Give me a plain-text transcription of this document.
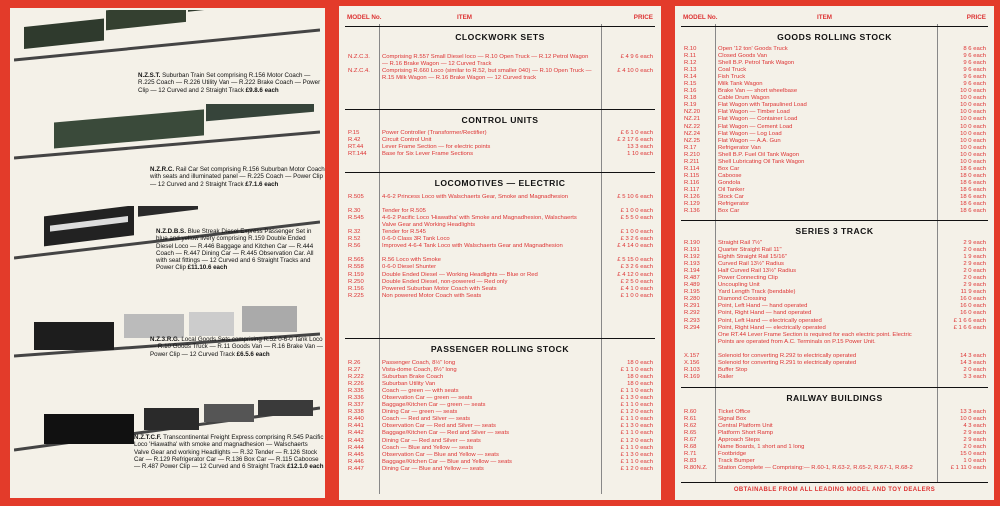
N.Z.S.T. Suburban Train Set comprising R.156 Motor Coach — R.225 Coach — R.226 Utility Van — R.222 Brake Coach — Power Clip — 12 Curved and 2 Straight Track £9.8.6 each
N.Z.R.C. Rail Car Set comprising R.156 Suburban Motor Coach with seats and illuminated panel — R.225 Coach — Power Clip — 12 Curved and 2 Straight Track £7.1.6 each
N.Z.D.B.S. Blue Streak Diesel Express Passenger Set in blue and yellow livery comprising R.159 Double Ended Diesel Loco — R.446 Baggage and Kitchen Car — R.444 Coach — R.447 Dining Car — R.445 Observation Car. All with seat fittings — 12 Curved and 6 Straight Tracks and Power Clip £11.10.6 each
N.Z.3.R.G. Local Goods Sets comprising R.52 0-6-0 Tank Loco — R.10 Goods Truck — R.11 Goods Van — R.16 Brake Van — Power Clip — 12 Curved Track £6.5.6 each
N.Z.T.C.F. Transcontinental Freight Express comprising R.545 Pacific Loco 'Hiawatha' with smoke and magnadhesion — Walschaerts Valve Gear and working Headlights — R.32 Tender — R.126 Stock Car — R.129 Refrigerator Car — R.136 Box Car — R.115 Caboose — R.487 Power Clip — 12 Curved and 6 Straight Track £12.1.0 each
MODEL No.	ITEM	PRICE
CLOCKWORK SETS
N.Z.C.3. Comprising R.557 Small Diesel loco — R.10 Open Truck — R.12 Petrol Wagon — R.16 Brake Wagon — 12 Curved Track
£ 4 9 6 each
N.Z.C.4. Comprising R.660 Loco (similar to R.52, but smaller 040) — R.10 Open Truck — R.15 Milk Wagon — R.16 Brake Wagon — 12 Curved track
£ 4 10 0 each
CONTROL UNITS
P.15	Power Controller (Transformer/Rectifier)	£ 6 1 0 each
R.42	Circuit Control Unit	£ 2 17 6 each
RT.44	Lever Frame Section — for electric points	13 3 each
RT.144	Base for Six Lever Frame Sections	1 10 each
LOCOMOTIVES — ELECTRIC
R.505	4-6-2 Princess Loco with Walschaerts Gear, Smoke and Magnadhesion	£ 5 10 6 each
R.30	Tender for R.505	£ 1 0 0 each
R.545	4-6-2 Pacific Loco 'Hiawatha' with Smoke and Magnadhesion, Walschaerts Valve Gear and Working Headlights
£ 5 5 0 each
R.32	Tender for R.545	£ 1 0 0 each
R.52	0-6-0 Class 3R Tank Loco	£ 3 2 6 each
R.56	Improved 4-6-4 Tank Loco with Walschaerts Gear and Magnadhesion	£ 4 14 0 each
R.565	R.56 Loco with Smoke	£ 5 15 0 each
R.558	0-6-0 Diesel Shunter	£ 3 2 6 each
R.159	Double Ended Diesel — Working Headlights — Blue or Red	£ 4 12 0 each
R.250	Double Ended Diesel, non-powered — Red only	£ 2 5 0 each
R.156	Powered Suburban Motor Coach with Seats	£ 4 1 0 each
R.225	Non powered Motor Coach with Seats	£ 1 0 0 each
PASSENGER ROLLING STOCK
R.26	Passenger Coach, 8½" long	18 0 each
R.27	Vista-dome Coach, 8½" long	£ 1 1 0 each
R.222	Suburban Brake Coach	18 0 each
R.226	Suburban Utility Van	18 0 each
R.335	Coach — green — with seats	£ 1 1 0 each
R.336	Observation Car — green — seats	£ 1 3 0 each
R.337	Baggage/Kitchen Car — green — seats	£ 1 1 0 each
R.338	Dining Car — green — seats	£ 1 2 0 each
R.440	Coach — Red and Silver — seats	£ 1 1 0 each
R.441	Observation Car — Red and Silver — seats	£ 1 3 0 each
R.442	Baggage/Kitchen Car — Red and Silver — seats	£ 1 1 0 each
R.443	Dining Car — Red and Silver — seats	£ 1 2 0 each
R.444	Coach — Blue and Yellow — seats	£ 1 1 0 each
R.445	Observation Car — Blue and Yellow — seats	£ 1 3 0 each
R.446	Baggage/Kitchen Car — Blue and Yellow — seats	£ 1 1 0 each
R.447	Dining Car — Blue and Yellow — seats	£ 1 2 0 each
MODEL No.	ITEM	PRICE
GOODS ROLLING STOCK
R.10	Open '12 ton' Goods Truck	8 6 each
R.11	Closed Goods Van	9 6 each
R.12	Shell B.P. Petrol Tank Wagon	9 6 each
R.13	Coal Truck	9 6 each
R.14	Fish Truck	9 6 each
R.15	Milk Tank Wagon	9 6 each
R.16	Brake Van — short wheelbase	10 0 each
R.18	Cable Drum Wagon	10 0 each
R.19	Flat Wagon with Tarpaulined Load	10 0 each
NZ.20	Flat Wagon — Timber Load	10 0 each
NZ.21	Flat Wagon — Container Load	10 0 each
NZ.22	Flat Wagon — Cement Load	10 0 each
NZ.24	Flat Wagon — Log Load	10 0 each
NZ.25	Flat Wagon — A.A. Gun	10 0 each
R.17	Refrigerator Van	10 0 each
R.210	Shell B.P. Fuel Oil Tank Wagon	10 0 each
R.211	Shell Lubricating Oil Tank Wagon	10 0 each
R.114	Box Car	18 6 each
R.115	Caboose	18 0 each
R.116	Gondola	18 6 each
R.117	Oil Tanker	18 6 each
R.126	Stock Car	18 6 each
R.129	Refrigerator	18 6 each
R.136	Box Car	18 6 each
SERIES 3 TRACK
R.190	Straight Rail 7½"	2 9 each
R.191	Quarter Straight Rail 11"	2 0 each
R.192	Eighth Straight Rail 15/16"	1 9 each
R.193	Curved Rail 13½" Radius	2 9 each
R.194	Half Curved Rail 13½" Radius	2 0 each
R.487	Power Connecting Clip	2 0 each
R.489	Uncoupling Unit	2 9 each
R.195	Yard Length Track (bendable)	11 9 each
R.280	Diamond Crossing	16 0 each
R.291	Point, Left Hand — hand operated	16 0 each
R.292	Point, Right Hand — hand operated	16 0 each
R.293	Point, Left Hand — electrically operated	£ 1 6 6 each
R.294	Point, Right Hand — electrically operated	£ 1 6 6 each
One RT.44 Lever Frame Section is required for each electric point. Electric Points are operated from A.C. Terminals on P.15 Power Unit.
X.157	Solenoid for converting R.292 to electrically operated	14 3 each
X.156	Solenoid for converting R.291 to electrically operated	14 3 each
R.103	Buffer Stop	2 0 each
R.169	Railer	3 3 each
RAILWAY BUILDINGS
R.60	Ticket Office	13 3 each
R.61	Signal Box	10 0 each
R.62	Central Platform Unit	4 3 each
R.65	Platform Short Ramp	2 9 each
R.67	Approach Steps	2 9 each
R.68	Name Boards, 1 short and 1 long	2 0 each
R.71	Footbridge	15 0 each
R.83	Track Bumper	1 0 each
R.80N.Z. Station Complete — Comprising:— R.60-1, R.63-2, R.65-2, R.67-1, R.68-2	£ 1 11 0 each
OBTAINABLE FROM ALL LEADING MODEL AND TOY DEALERS
